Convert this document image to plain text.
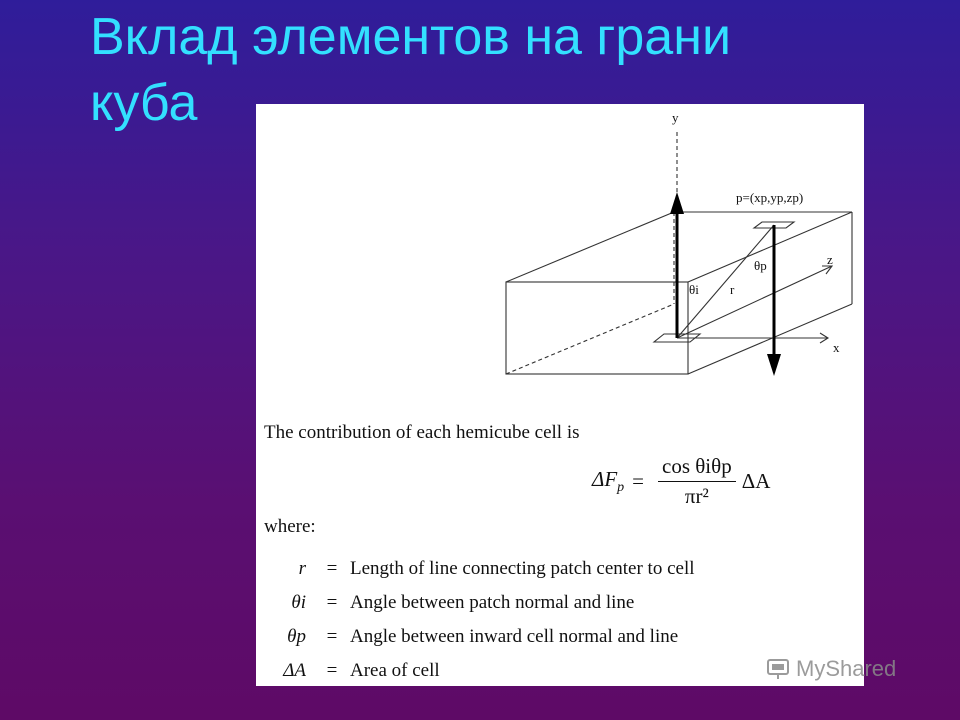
Вклад элементов на грани
куба	y
z
x
p=(xp,yp,zp)
θi
θp
r
The contribution of each hemicube cell is
$\Delta F_p = \frac{\text{cos θiθp}}{\text{πr²}}$ ΔA
where:
r	=	Length of line connecting patch center to cell
θi	=	Angle between patch normal and line
θp	=	Angle between inward cell normal and line
ΔA	=	Area of cell	MyShared
